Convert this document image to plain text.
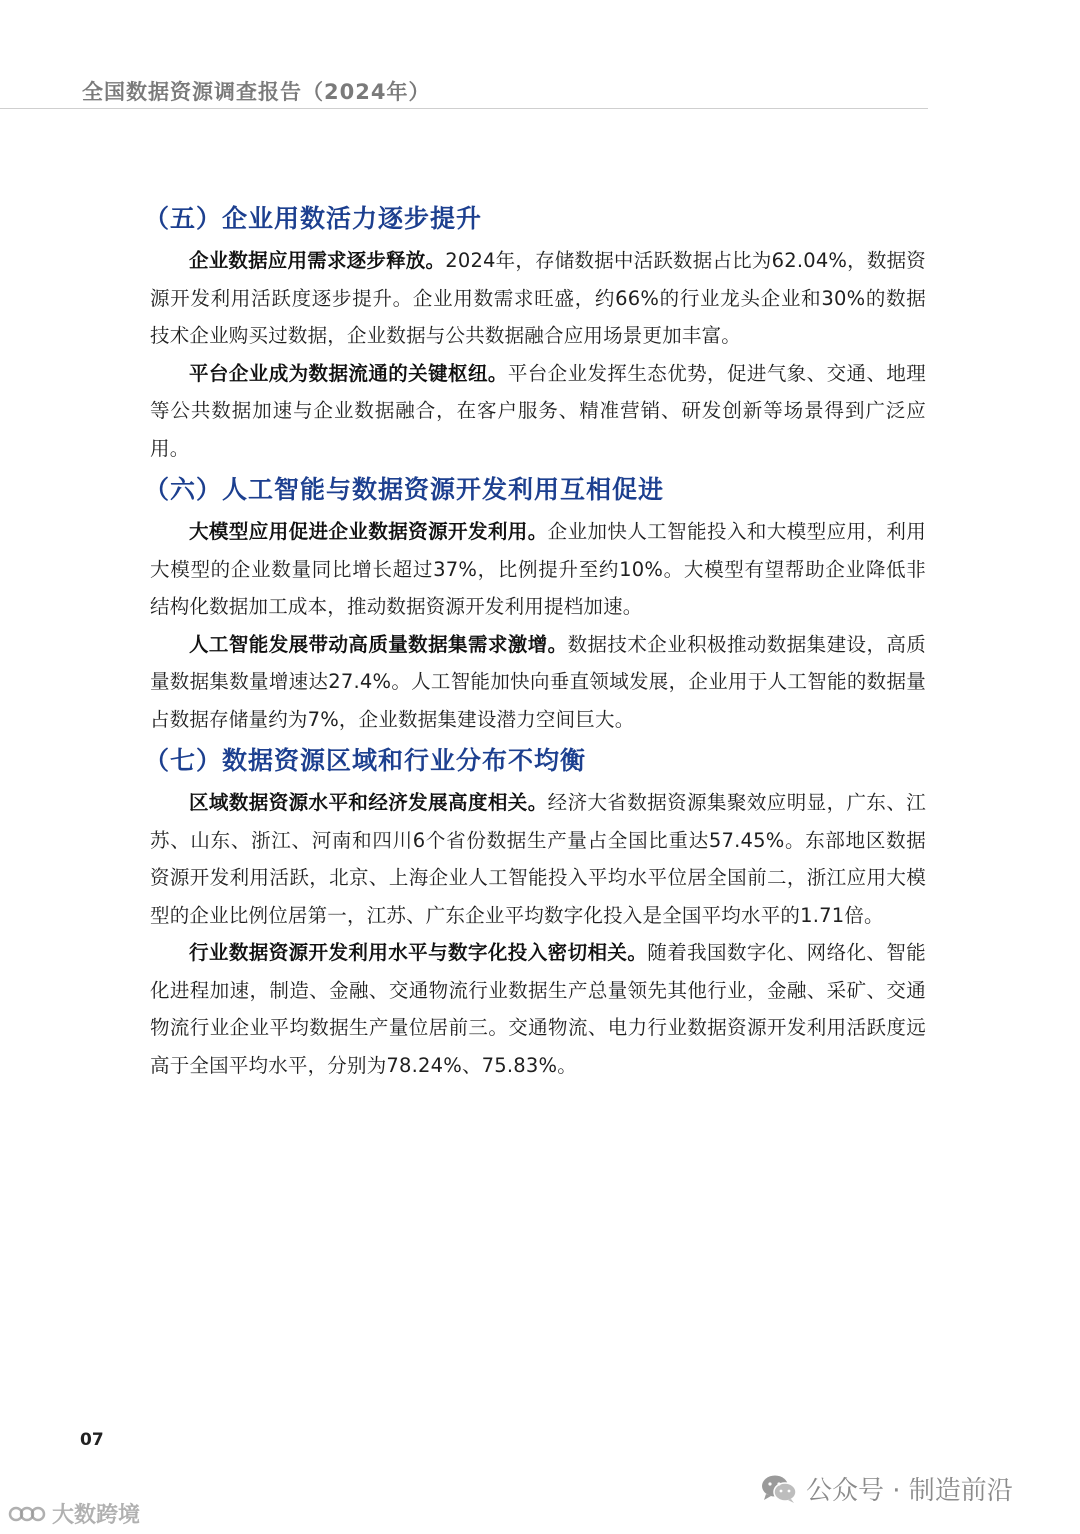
全国数据资源调查报告（2024年）
（五）企业用数活力逐步提升

企业数据应用需求逐步释放。2024年，存储数据中活跃数据占比为62.04%，数据资源开发利用活跃度逐步提升。企业用数需求旺盛，约66%的行业龙头企业和30%的数据技术企业购买过数据，企业数据与公共数据融合应用场景更加丰富。

平台企业成为数据流通的关键枢纽。平台企业发挥生态优势，促进气象、交通、地理等公共数据加速与企业数据融合，在客户服务、精准营销、研发创新等场景得到广泛应用。

（六）人工智能与数据资源开发利用互相促进

大模型应用促进企业数据资源开发利用。企业加快人工智能投入和大模型应用，利用大模型的企业数量同比增长超过37%，比例提升至约10%。大模型有望帮助企业降低非结构化数据加工成本，推动数据资源开发利用提档加速。

人工智能发展带动高质量数据集需求激增。数据技术企业积极推动数据集建设，高质量数据集数量增速达27.4%。人工智能加快向垂直领域发展，企业用于人工智能的数据量占数据存储量约为7%，企业数据集建设潜力空间巨大。

（七）数据资源区域和行业分布不均衡

区域数据资源水平和经济发展高度相关。经济大省数据资源集聚效应明显，广东、江苏、山东、浙江、河南和四川6个省份数据生产量占全国比重达57.45%。东部地区数据资源开发利用活跃，北京、上海企业人工智能投入平均水平位居全国前二，浙江应用大模型的企业比例位居第一，江苏、广东企业平均数字化投入是全国平均水平的1.71倍。

行业数据资源开发利用水平与数字化投入密切相关。随着我国数字化、网络化、智能化进程加速，制造、金融、交通物流行业数据生产总量领先其他行业，金融、采矿、交通物流行业企业平均数据生产量位居前三。交通物流、电力行业数据资源开发利用活跃度远高于全国平均水平，分别为78.24%、75.83%。

07
大数跨境
公众号 · 制造前沿
